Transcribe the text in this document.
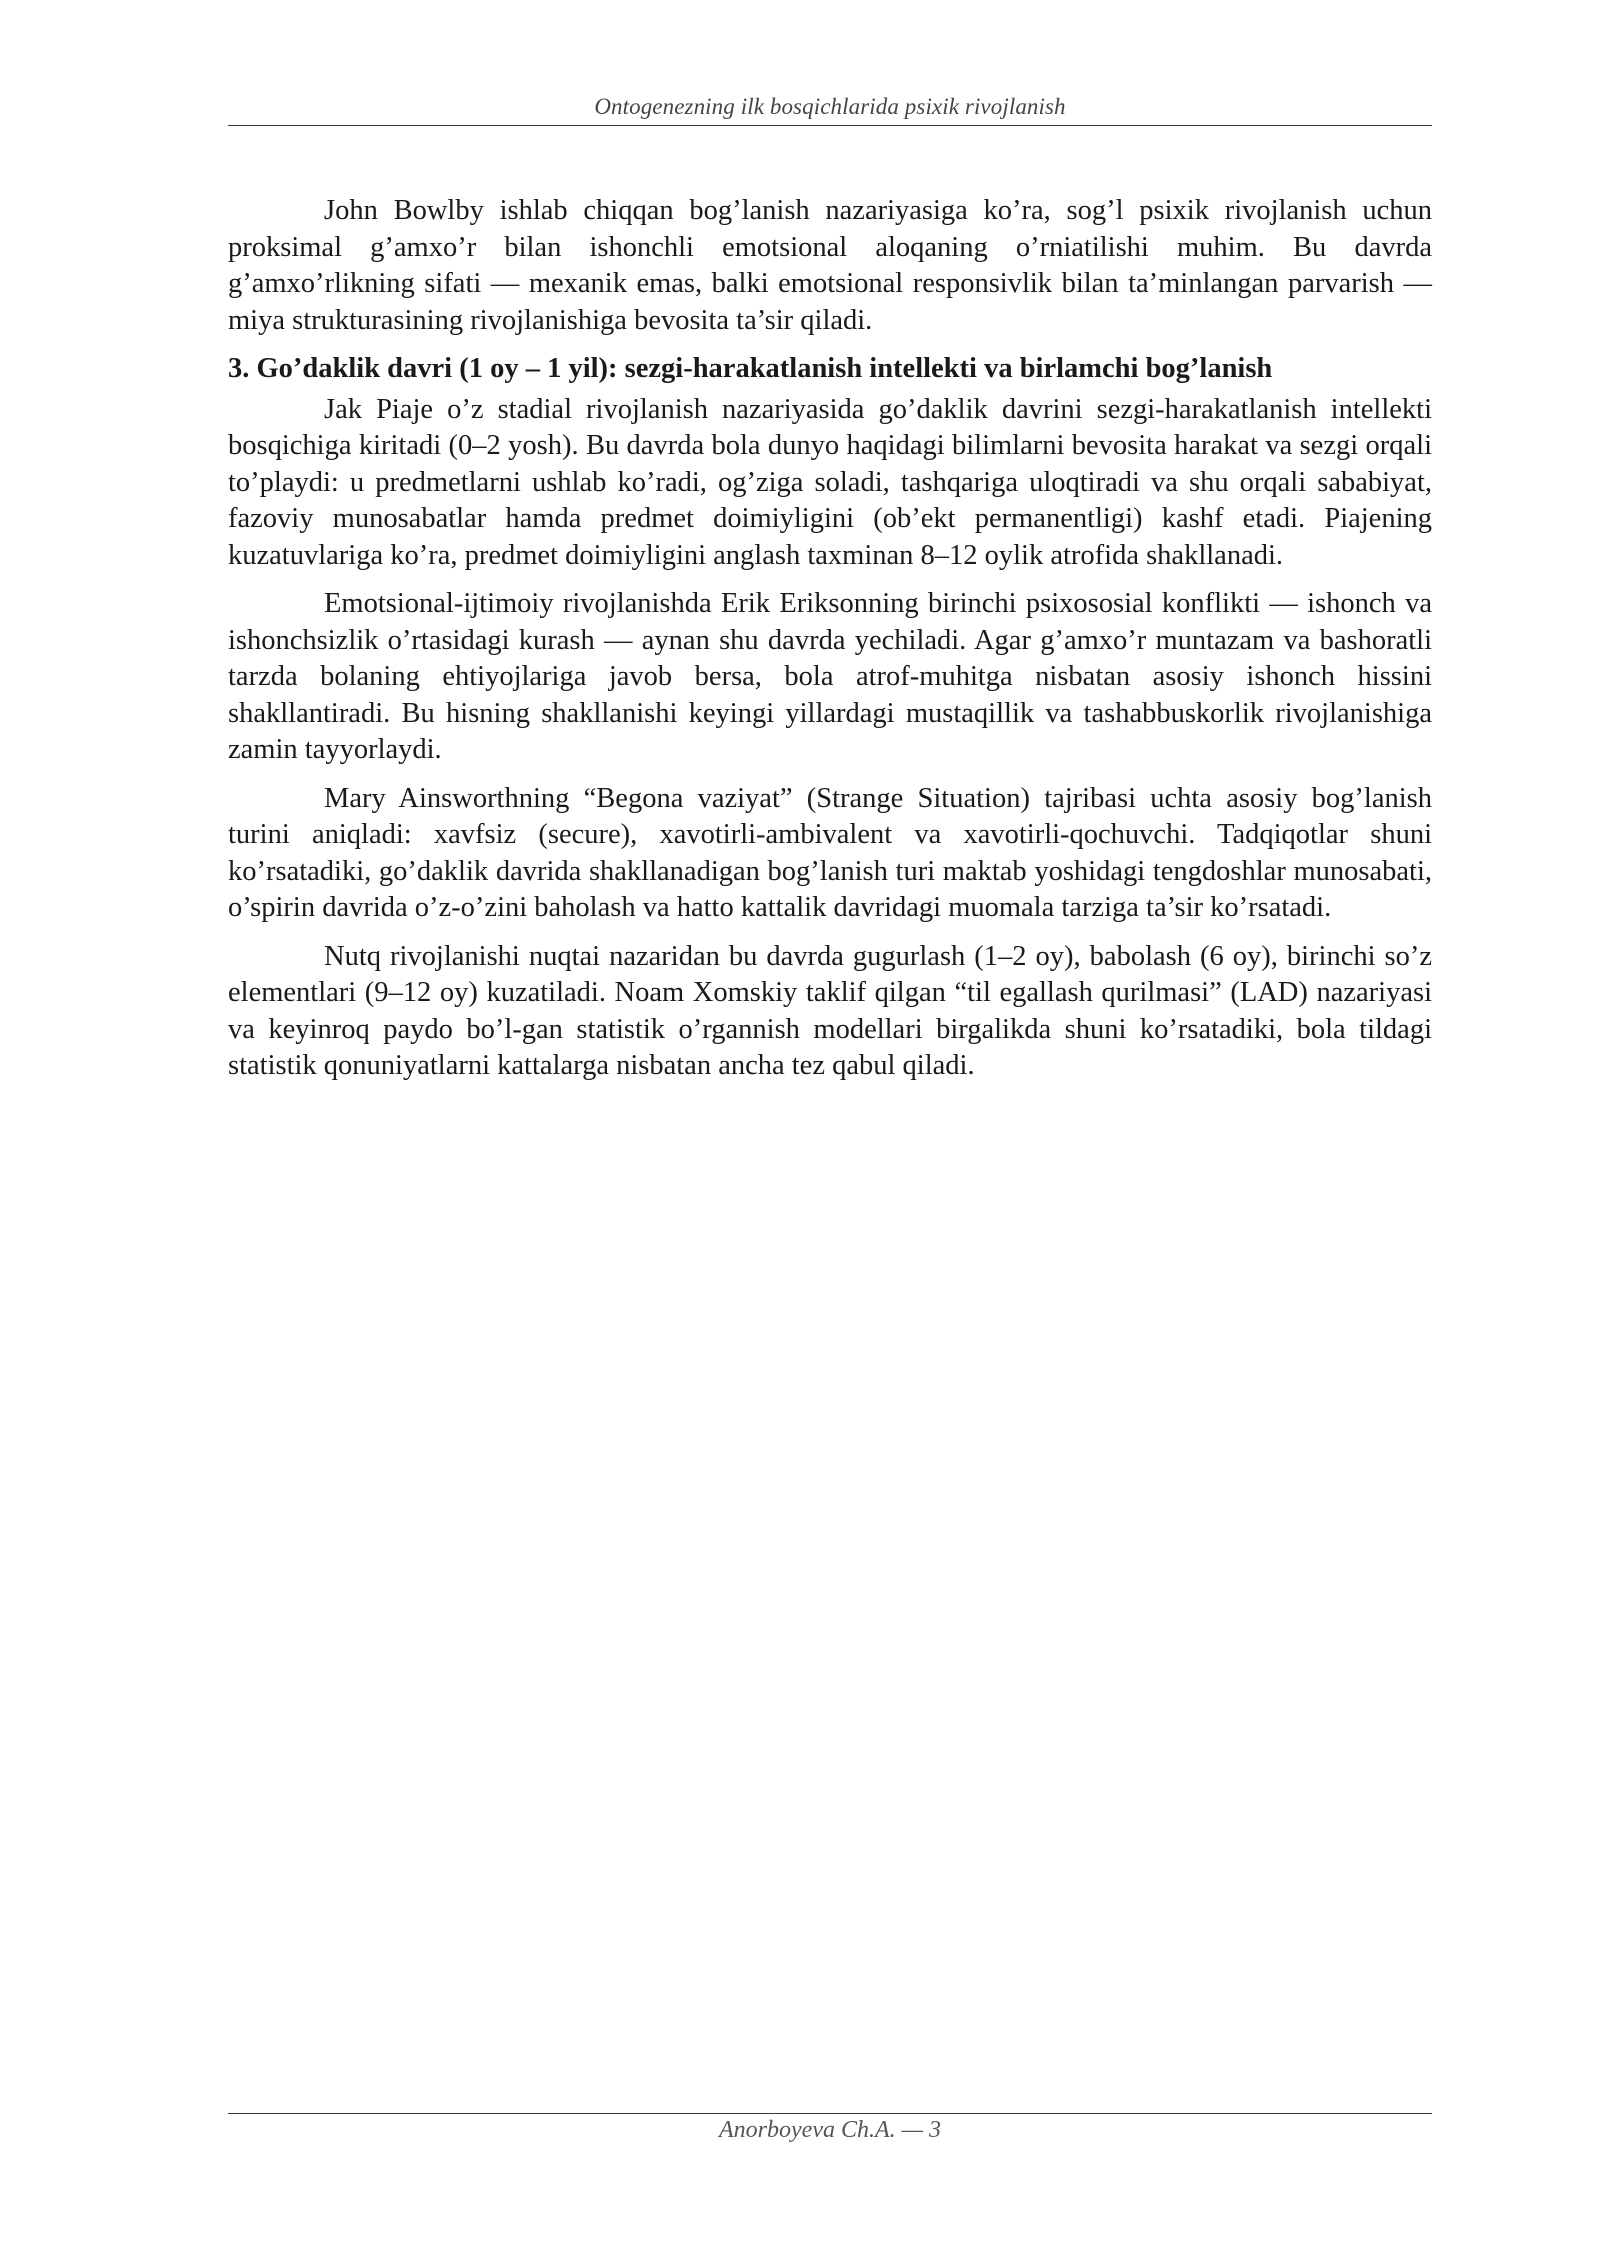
Ontogenezning ilk bosqichlarida psixik rivojlanish

John Bowlby ishlab chiqqan bog’lanish nazariyasiga ko’ra, sog’l psixik rivojlanish uchun proksimal g’amxo’r bilan ishonchli emotsional aloqaning o’rniatilishi muhim. Bu davrda g’amxo’rlikning sifati — mexanik emas, balki emotsional responsivlik bilan ta’minlangan parvarish — miya strukturasining rivojlanishiga bevosita ta’sir qiladi.

3. Go’daklik davri (1 oy – 1 yil): sezgi-harakatlanish intellekti va birlamchi bog’lanish

Jak Piaje o’z stadial rivojlanish nazariyasida go’daklik davrini sezgi-harakatlanish intellekti bosqichiga kiritadi (0–2 yosh). Bu davrda bola dunyo haqidagi bilimlarni bevosita harakat va sezgi orqali to’playdi: u predmetlarni ushlab ko’radi, og’ziga soladi, tashqariga uloqtiradi va shu orqali sababiyat, fazoviy munosabatlar hamda predmet doimiyligini (ob’ekt permanentligi) kashf etadi. Piajening kuzatuvlariga ko’ra, predmet doimiyligini anglash taxminan 8–12 oylik atrofida shakllanadi.

Emotsional-ijtimoiy rivojlanishda Erik Eriksonning birinchi psixososial konflikti — ishonch va ishonchsizlik o’rtasidagi kurash — aynan shu davrda yechiladi. Agar g’amxo’r muntazam va bashoratli tarzda bolaning ehtiyojlariga javob bersa, bola atrof-muhitga nisbatan asosiy ishonch hissini shakllantiradi. Bu hisning shakllanishi keyingi yillardagi mustaqillik va tashabbuskorlik rivojlanishiga zamin tayyorlaydi.

Mary Ainsworthning “Begona vaziyat” (Strange Situation) tajribasi uchta asosiy bog’lanish turini aniqladi: xavfsiz (secure), xavotirli-ambivalent va xavotirli-qochuvchi. Tadqiqotlar shuni ko’rsatadiki, go’daklik davrida shakllanadigan bog’lanish turi maktab yoshidagi tengdoshlar munosabati, o’spirin davrida o’z-o’zini baholash va hatto kattalik davridagi muomala tarziga ta’sir ko’rsatadi.

Nutq rivojlanishi nuqtai nazaridan bu davrda gugurlash (1–2 oy), babolash (6 oy), birinchi so’z elementlari (9–12 oy) kuzatiladi. Noam Xomskiy taklif qilgan “til egallash qurilmasi” (LAD) nazariyasi va keyinroq paydo bo’l-gan statistik o’rgannish modellari birgalikda shuni ko’rsatadiki, bola tildagi statistik qonuniyatlarni kattalarga nisbatan ancha tez qabul qiladi.

Anorboyeva Ch.A. — 3
